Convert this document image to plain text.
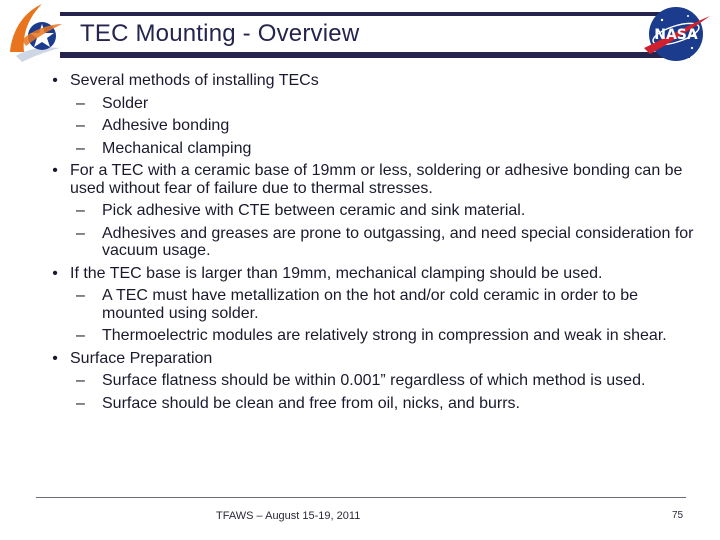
TEC Mounting - Overview	NASA
• Several methods of installing TECs
– Solder
– Adhesive bonding
– Mechanical clamping
• For a TEC with a ceramic base of 19mm or less, soldering or adhesive bonding can be used without fear of failure due to thermal stresses.
– Pick adhesive with CTE between ceramic and sink material.
– Adhesives and greases are prone to outgassing, and need special consideration for vacuum usage.
• If the TEC base is larger than 19mm, mechanical clamping should be used.
– A TEC must have metallization on the hot and/or cold ceramic in order to be mounted using solder.
– Thermoelectric modules are relatively strong in compression and weak in shear.
• Surface Preparation
– Surface flatness should be within 0.001” regardless of which method is used.
– Surface should be clean and free from oil, nicks, and burrs.
TFAWS – August 15-19, 2011	75
